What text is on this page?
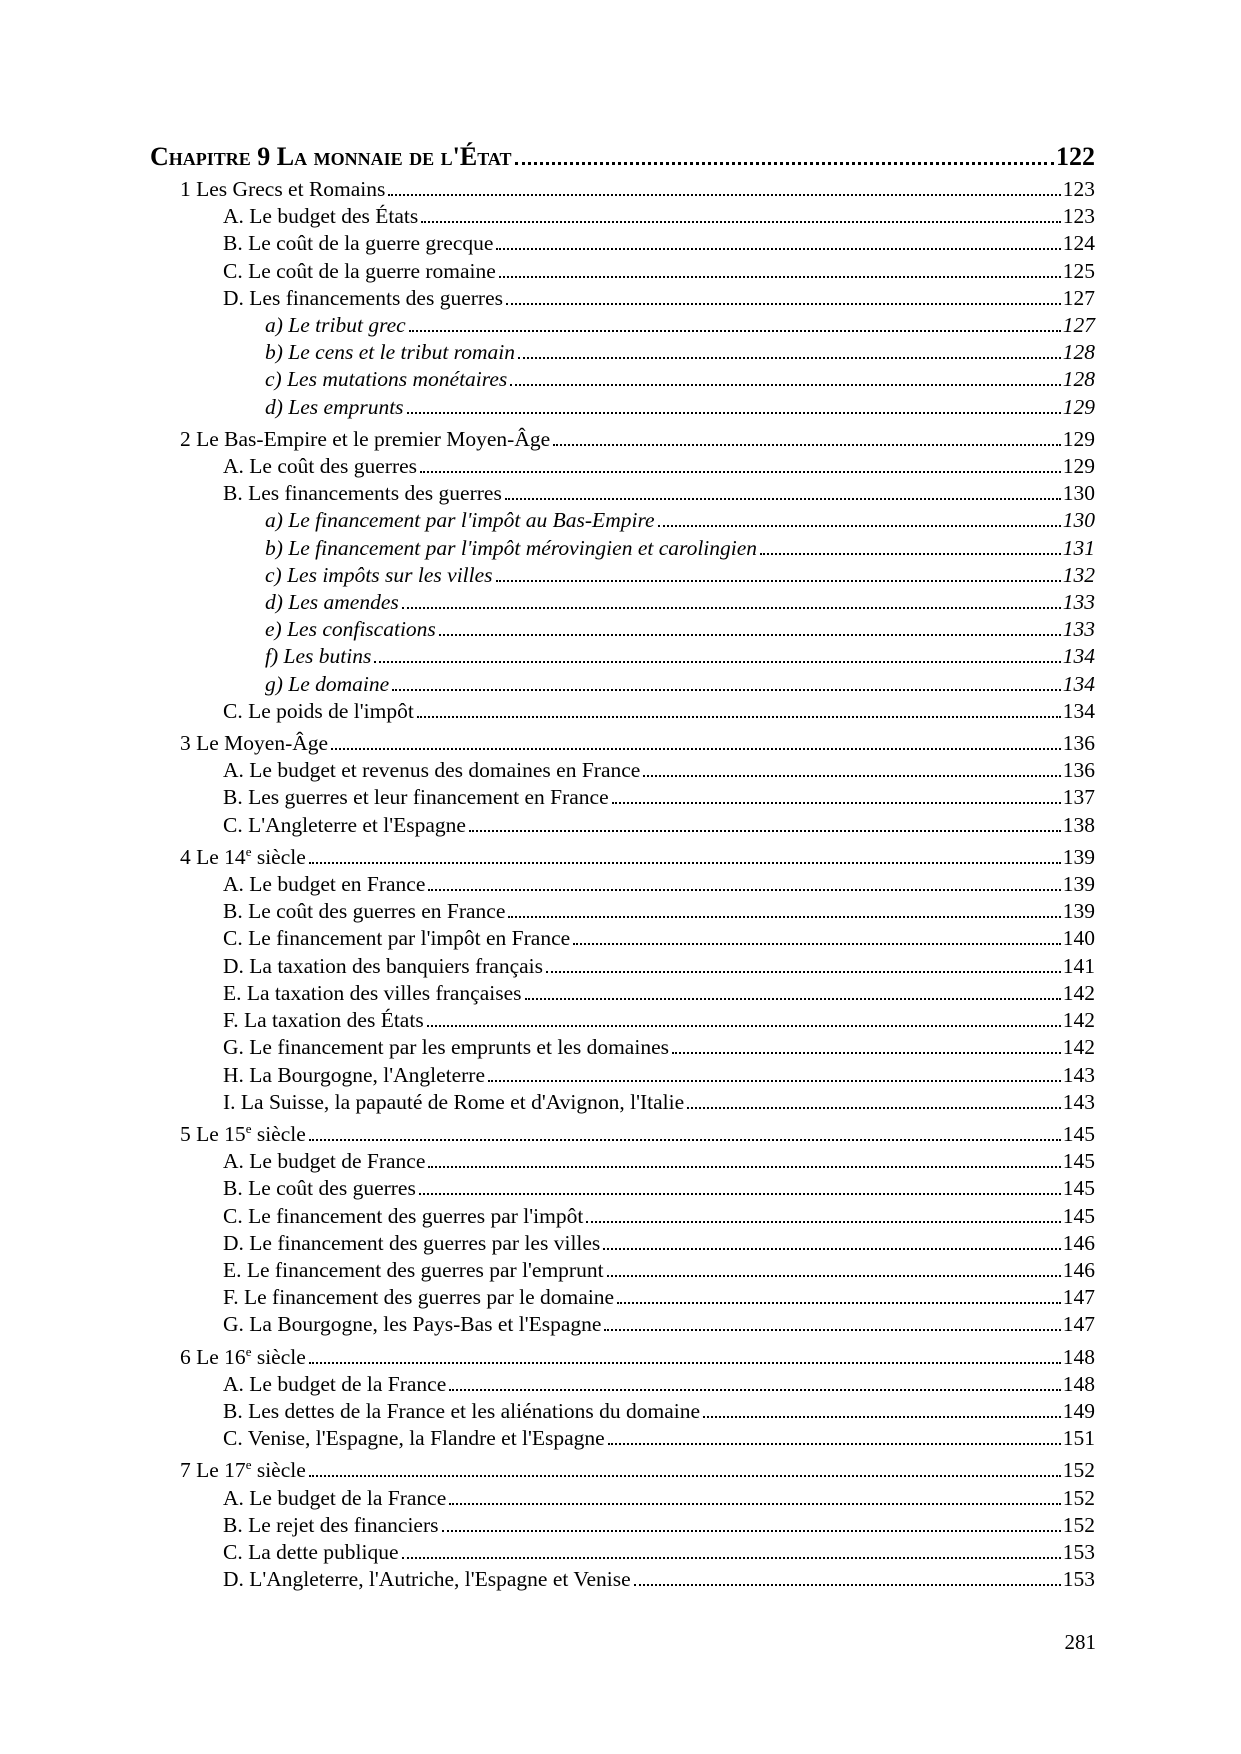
Chapitre 9 La monnaie de l'État	122
1 Les Grecs et Romains	123
A. Le budget des États	123
B. Le coût de la guerre grecque	124
C. Le coût de la guerre romaine	125
D. Les financements des guerres	127
a) Le tribut grec	127
b) Le cens et le tribut romain	128
c) Les mutations monétaires	128
d) Les emprunts	129
2 Le Bas-Empire et le premier Moyen-Âge	129
A. Le coût des guerres	129
B. Les financements des guerres	130
a) Le financement par l'impôt au Bas-Empire	130
b) Le financement par l'impôt mérovingien et carolingien	131
c) Les impôts sur les villes	132
d) Les amendes	133
e) Les confiscations	133
f) Les butins	134
g) Le domaine	134
C. Le poids de l'impôt	134
3 Le Moyen-Âge	136
A. Le budget et revenus des domaines en France	136
B. Les guerres et leur financement en France	137
C. L'Angleterre et l'Espagne	138
4 Le 14e siècle	139
A. Le budget en France	139
B. Le coût des guerres en France	139
C. Le financement par l'impôt en France	140
D. La taxation des banquiers français	141
E. La taxation des villes françaises	142
F. La taxation des États	142
G. Le financement par les emprunts et les domaines	142
H. La Bourgogne, l'Angleterre	143
I. La Suisse, la papauté de Rome et d'Avignon, l'Italie	143
5 Le 15e siècle	145
A. Le budget de France	145
B. Le coût des guerres	145
C. Le financement des guerres par l'impôt	145
D. Le financement des guerres par les villes	146
E. Le financement des guerres par l'emprunt	146
F. Le financement des guerres par le domaine	147
G. La Bourgogne, les Pays-Bas et l'Espagne	147
6 Le 16e siècle	148
A. Le budget de la France	148
B. Les dettes de la France et les aliénations du domaine	149
C. Venise, l'Espagne, la Flandre et l'Espagne	151
7 Le 17e siècle	152
A. Le budget de la France	152
B. Le rejet des financiers	152
C. La dette publique	153
D. L'Angleterre, l'Autriche, l'Espagne et Venise	153
281
